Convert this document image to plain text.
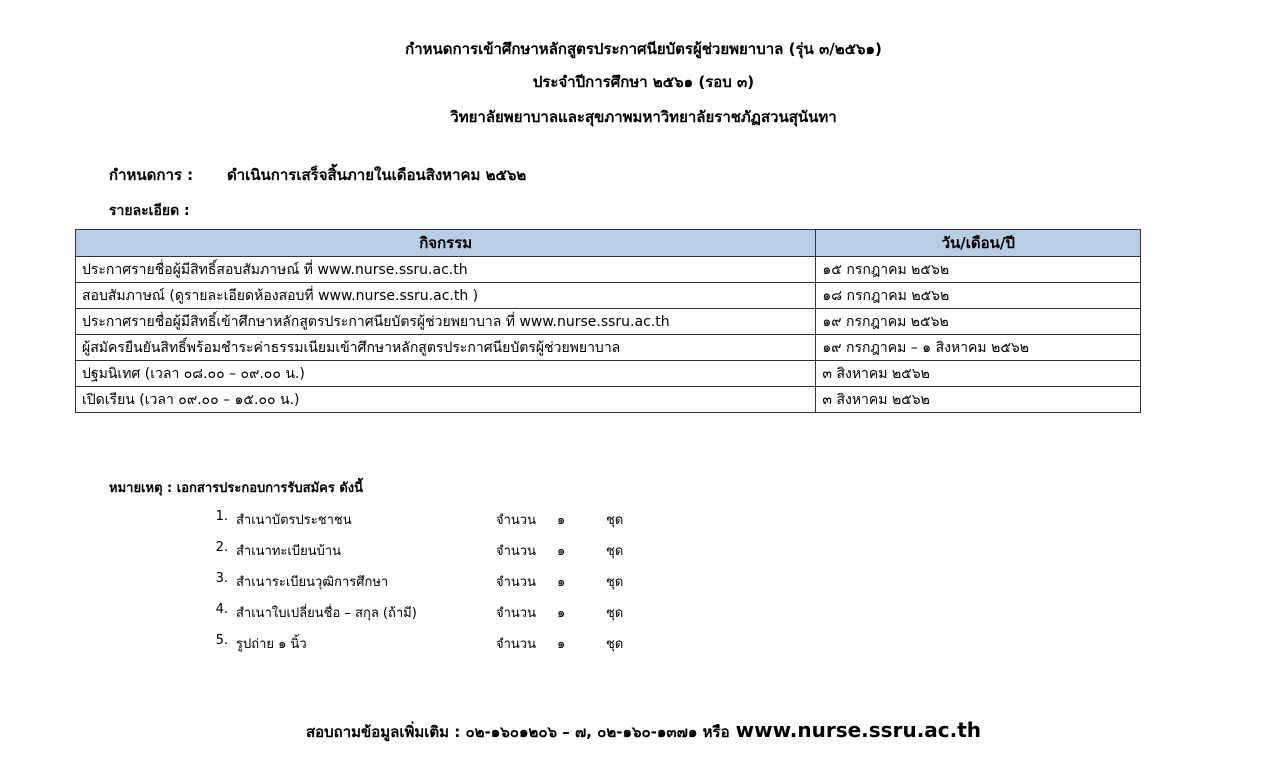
กำหนดการเข้าศึกษาหลักสูตรประกาศนียบัตรผู้ช่วยพยาบาล (รุ่น ๓/๒๕๖๑)
ประจำปีการศึกษา ๒๕๖๑ (รอบ ๓)
วิทยาลัยพยาบาลและสุขภาพมหาวิทยาลัยราชภัฏสวนสุนันทา
กำหนดการ : ดำเนินการเสร็จสิ้นภายในเดือนสิงหาคม ๒๕๖๒
รายละเอียด :
กิจกรรม	วัน/เดือน/ปี
ประกาศรายชื่อผู้มีสิทธิ์สอบสัมภาษณ์ ที่ www.nurse.ssru.ac.th	๑๕ กรกฎาคม ๒๕๖๒
สอบสัมภาษณ์ (ดูรายละเอียดห้องสอบที่ www.nurse.ssru.ac.th )	๑๘ กรกฎาคม ๒๕๖๒
ประกาศรายชื่อผู้มีสิทธิ์เข้าศึกษาหลักสูตรประกาศนียบัตรผู้ช่วยพยาบาล ที่ www.nurse.ssru.ac.th	๑๙ กรกฎาคม ๒๕๖๒
ผู้สมัครยืนยันสิทธิ์พร้อมชำระค่าธรรมเนียมเข้าศึกษาหลักสูตรประกาศนียบัตรผู้ช่วยพยาบาล	๑๙ กรกฎาคม – ๑ สิงหาคม ๒๕๖๒
ปฐมนิเทศ (เวลา ๐๘.๐๐ – ๐๙.๐๐ น.)	๓ สิงหาคม ๒๕๖๒
เปิดเรียน (เวลา ๐๙.๐๐ – ๑๕.๐๐ น.)	๓ สิงหาคม ๒๕๖๒
หมายเหตุ : เอกสารประกอบการรับสมัคร ดังนี้
1. สำเนาบัตรประชาชน	จำนวน ๑	ชุด
2. สำเนาทะเบียนบ้าน	จำนวน ๑	ชุด
3. สำเนาระเบียนวุฒิการศึกษา	จำนวน ๑	ชุด
4. สำเนาใบเปลี่ยนชื่อ – สกุล (ถ้ามี)	จำนวน ๑	ชุด
5. รูปถ่าย ๑ นิ้ว	จำนวน ๑	ชุด
สอบถามข้อมูลเพิ่มเติม : ๐๒-๑๖๐๑๒๐๖ – ๗, ๐๒-๑๖๐-๑๓๗๑ หรือ www.nurse.ssru.ac.th
